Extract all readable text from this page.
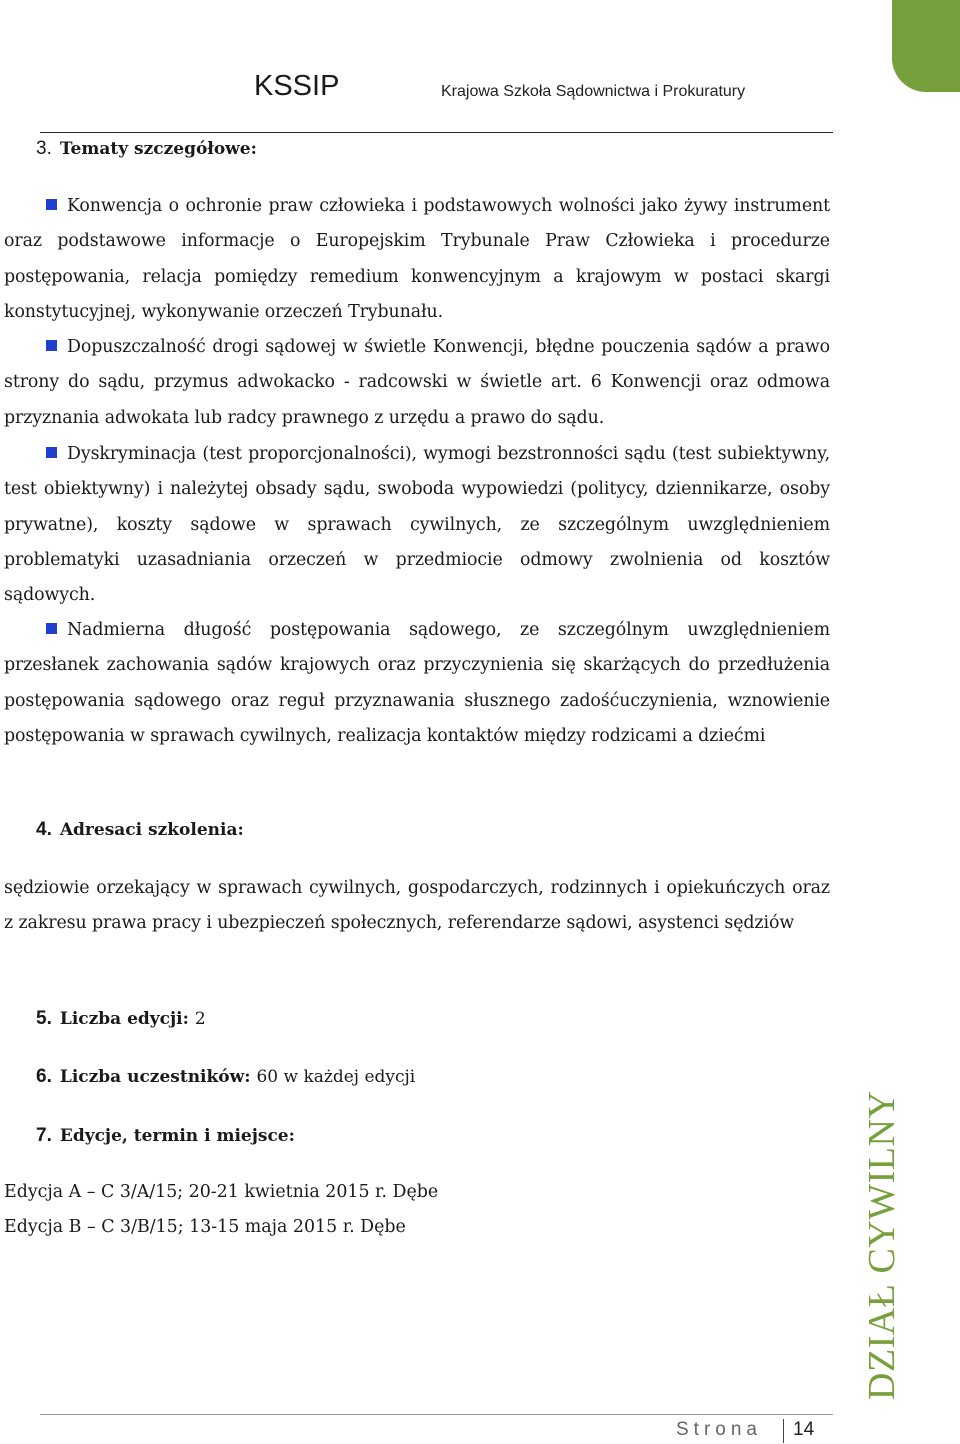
KSSIP	Krajowa Szkoła Sądownictwa i Prokuratury
3. Tematy szczegółowe:
Konwencja o ochronie praw człowieka i podstawowych wolności jako żywy instrument oraz podstawowe informacje o Europejskim Trybunale Praw Człowieka i procedurze postępowania, relacja pomiędzy remedium konwencyjnym a krajowym w postaci skargi konstytucyjnej, wykonywanie orzeczeń Trybunału.
Dopuszczalność drogi sądowej w świetle Konwencji, błędne pouczenia sądów a prawo strony do sądu, przymus adwokacko - radcowski w świetle art. 6 Konwencji oraz odmowa przyznania adwokata lub radcy prawnego z urzędu a prawo do sądu.
Dyskryminacja (test proporcjonalności), wymogi bezstronności sądu (test subiektywny, test obiektywny) i należytej obsady sądu, swoboda wypowiedzi (politycy, dziennikarze, osoby prywatne), koszty sądowe w sprawach cywilnych, ze szczególnym uwzględnieniem problematyki uzasadniania orzeczeń w przedmiocie odmowy zwolnienia od kosztów sądowych.
Nadmierna długość postępowania sądowego, ze szczególnym uwzględnieniem przesłanek zachowania sądów krajowych oraz przyczynienia się skarżących do przedłużenia postępowania sądowego oraz reguł przyznawania słusznego zadośćuczynienia, wznowienie postępowania w sprawach cywilnych, realizacja kontaktów między rodzicami a dziećmi
4. Adresaci szkolenia:
sędziowie orzekający w sprawach cywilnych, gospodarczych, rodzinnych i opiekuńczych oraz z zakresu prawa pracy i ubezpieczeń społecznych, referendarze sądowi, asystenci sędziów
5. Liczba edycji: 2
6. Liczba uczestników: 60 w każdej edycji
7. Edycje, termin i miejsce:
Edycja A – C 3/A/15; 20-21 kwietnia 2015 r. Dębe
Edycja B – C 3/B/15; 13-15 maja 2015 r. Dębe	DZIAŁ CYWILNY
Strona 14
